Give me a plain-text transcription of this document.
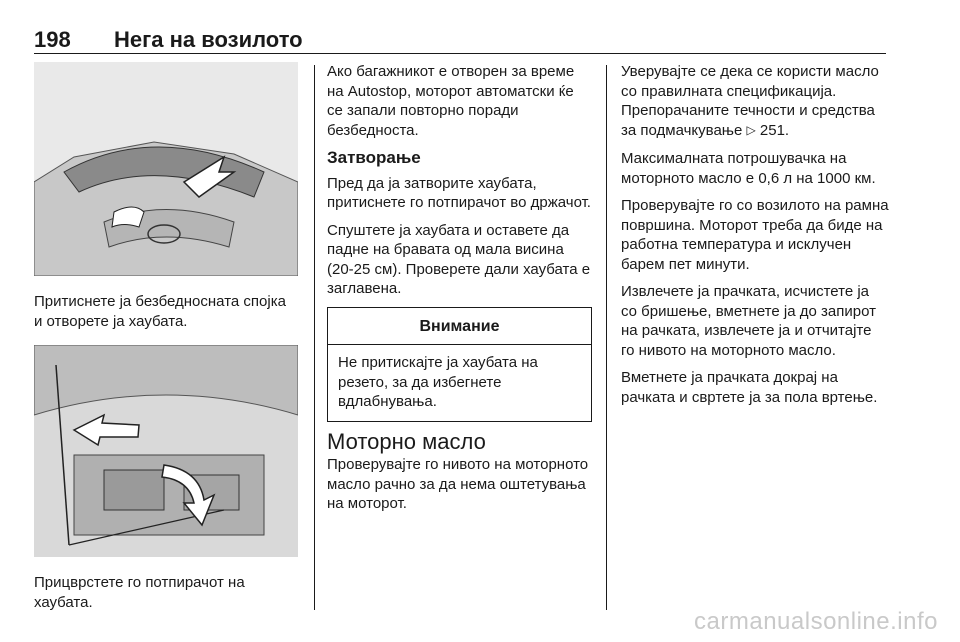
198 Нега на возилото

Притиснете ја безбедносната спојка и отворете ја хаубата.

Прицврстете го потпирачот на хаубата.

Ако багажникот е отворен за време на Autostop, моторот автоматски ќе се запали повторно поради безбедноста.

Затворање

Пред да ја затворите хаубата, притиснете го потпирачот во држачот.

Спуштете ја хаубата и оставете да падне на бравата од мала висина (20-25 см). Проверете дали хаубата е заглавена.

Внимание
Не притискајте ја хаубата на резето, за да избегнете вдлабнувања.
Моторно масло

Проверувајте го нивото на моторното масло рачно за да нема оштетувања на моторот.

Уверувајте се дека се користи масло со правилната спецификација. Препорачаните течности и средства за подмачкување ▷ 251.

Максималната потрошувачка на моторното масло е 0,6 л на 1000 км.

Проверувајте го со возилото на рамна површина. Моторот треба да биде на работна температура и исклучен барем пет минути.

Извлечете ја прачката, исчистете ја со бришење, вметнете ја до запирот на рачката, извлечете ја и отчитајте го нивото на моторното масло.

Вметнете ја прачката докрај на рачката и свртете ја за пола вртење.

carmanualsonline.info
